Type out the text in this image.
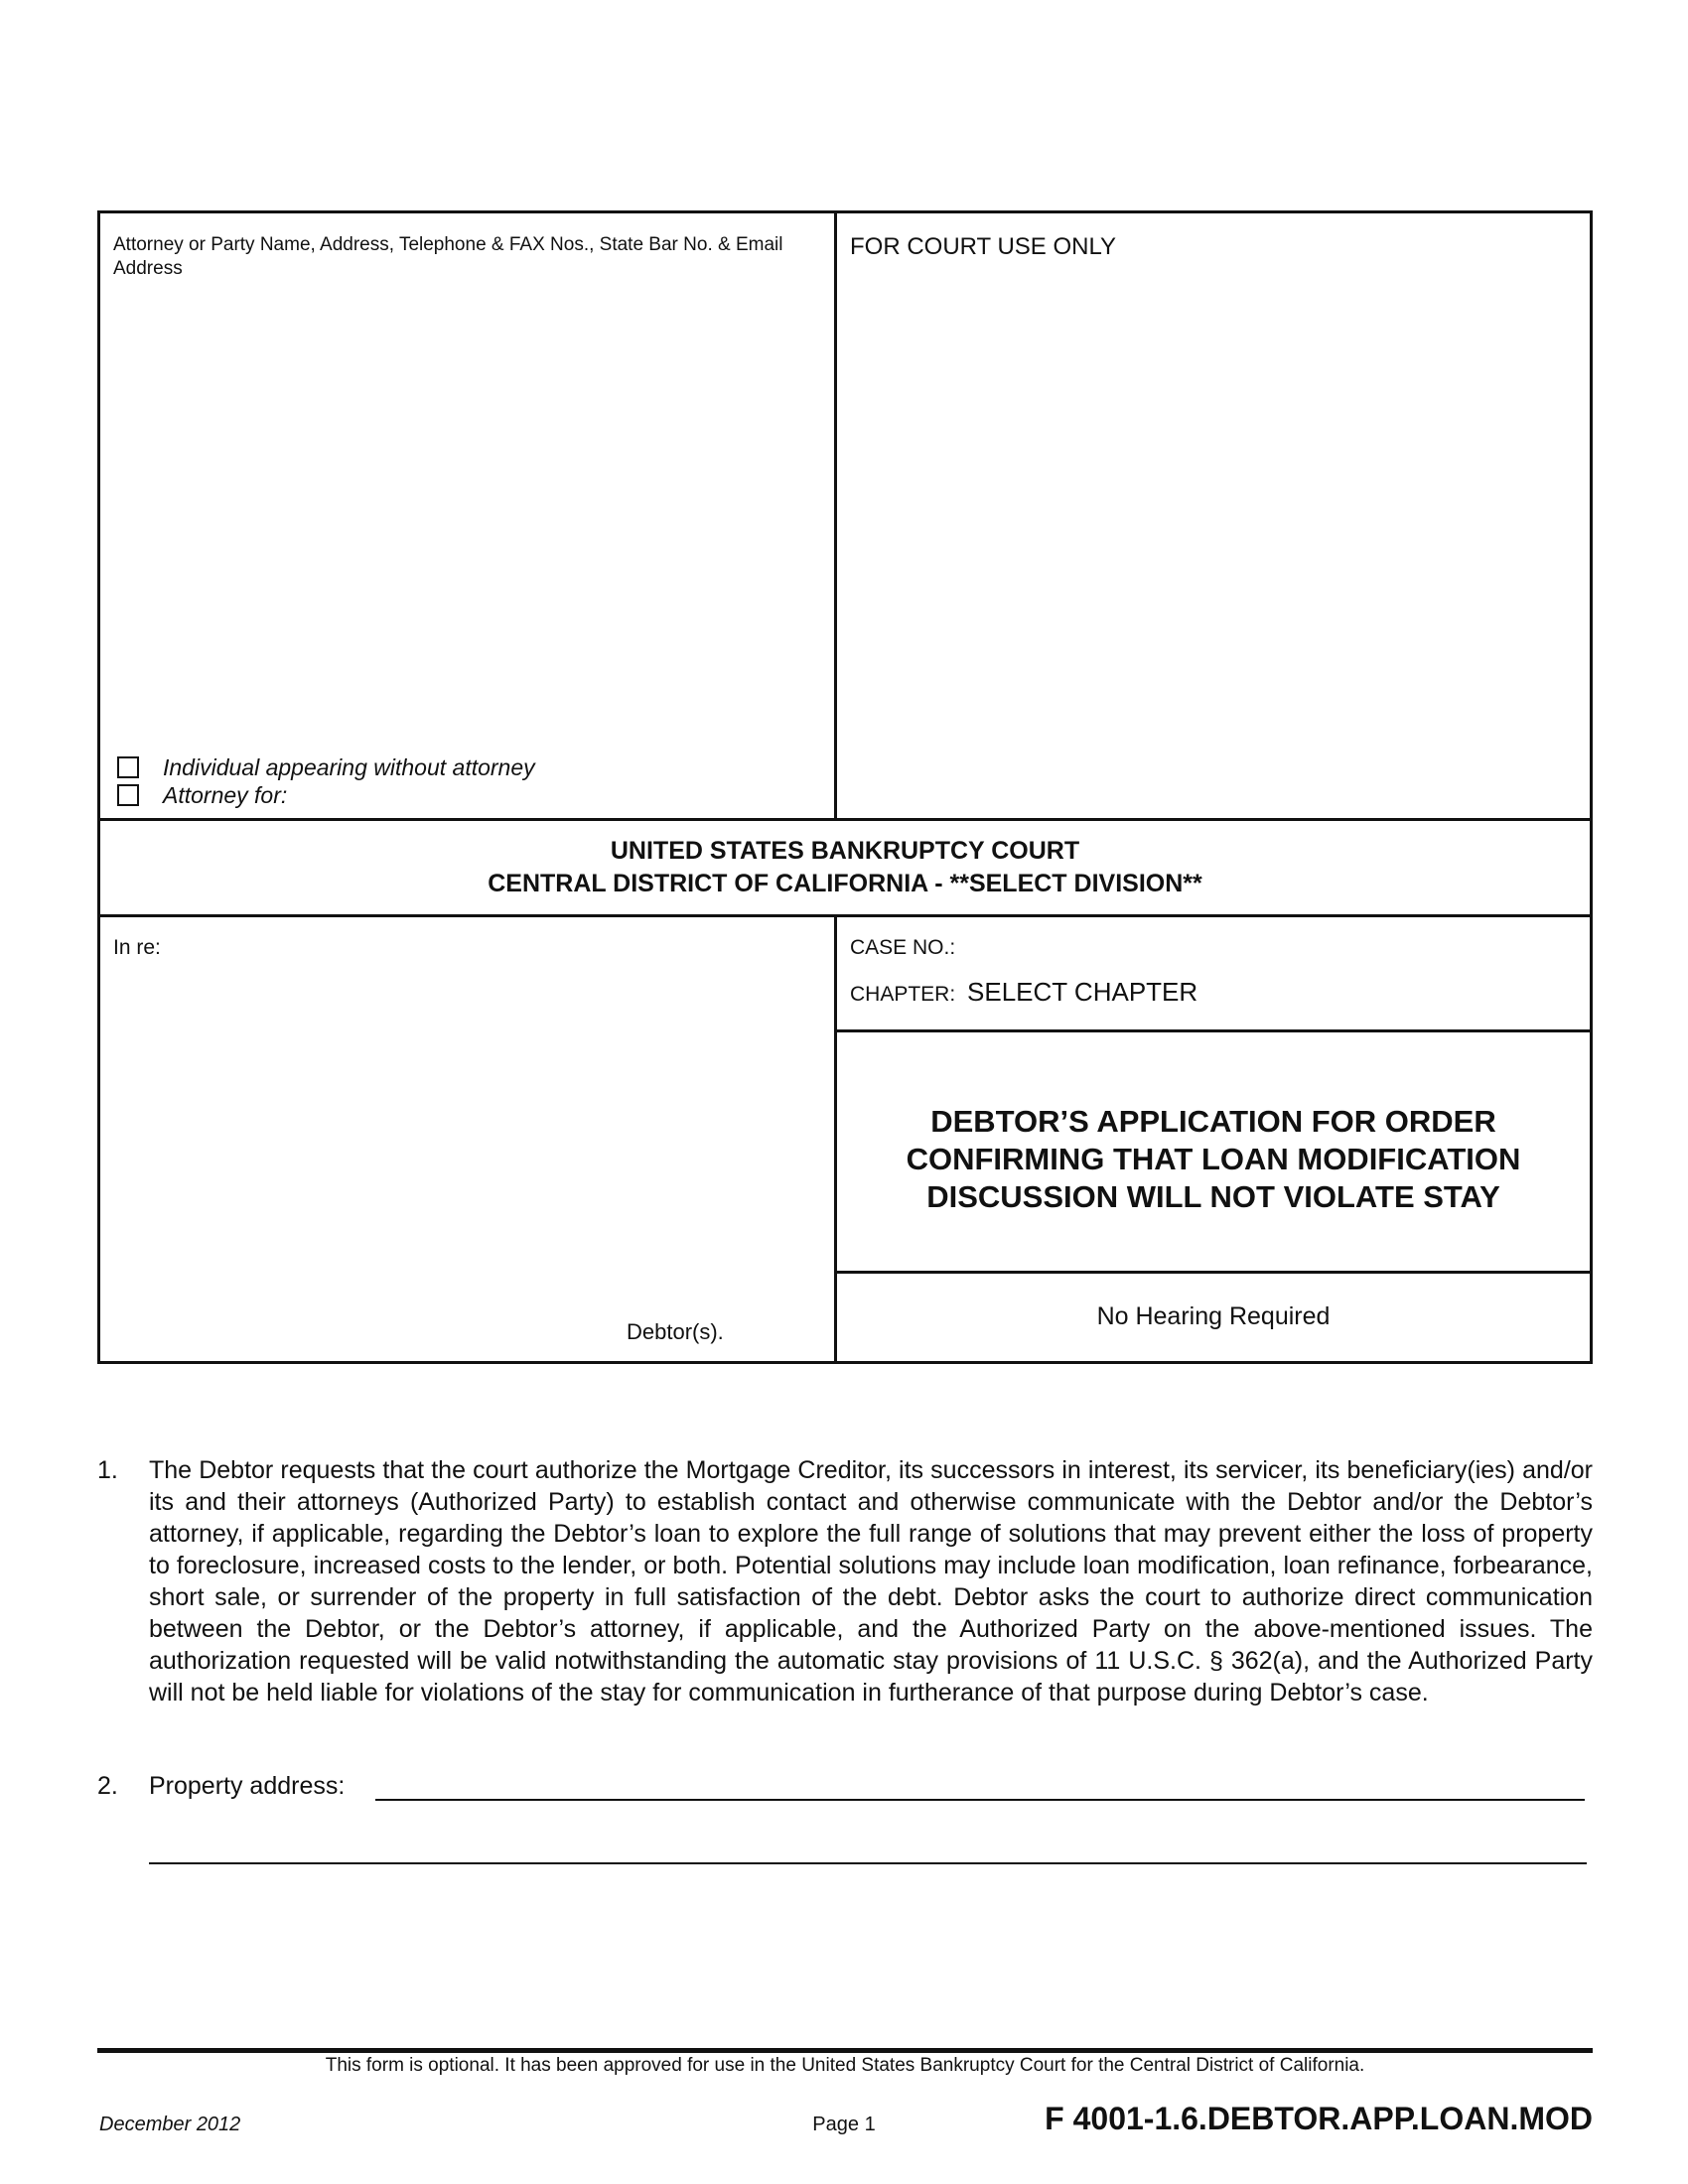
Attorney or Party Name, Address, Telephone & FAX Nos., State Bar No. & Email Address
Individual appearing without attorney
Attorney for:
FOR COURT USE ONLY
UNITED STATES BANKRUPTCY COURT
CENTRAL DISTRICT OF CALIFORNIA - **SELECT DIVISION**
In re:
Debtor(s).
CASE NO.:
CHAPTER: SELECT CHAPTER
DEBTOR’S APPLICATION FOR ORDER
CONFIRMING THAT LOAN MODIFICATION
DISCUSSION WILL NOT VIOLATE STAY
No Hearing Required
1. The Debtor requests that the court authorize the Mortgage Creditor, its successors in interest, its servicer, its beneficiary(ies) and/or its and their attorneys (Authorized Party) to establish contact and otherwise communicate with the Debtor and/or the Debtor’s attorney, if applicable, regarding the Debtor’s loan to explore the full range of solutions that may prevent either the loss of property to foreclosure, increased costs to the lender, or both. Potential solutions may include loan modification, loan refinance, forbearance, short sale, or surrender of the property in full satisfaction of the debt. Debtor asks the court to authorize direct communication between the Debtor, or the Debtor’s attorney, if applicable, and the Authorized Party on the above-mentioned issues. The authorization requested will be valid notwithstanding the automatic stay provisions of 11 U.S.C. § 362(a), and the Authorized Party will not be held liable for violations of the stay for communication in furtherance of that purpose during Debtor’s case.
2. Property address:
This form is optional. It has been approved for use in the United States Bankruptcy Court for the Central District of California.
December 2012	Page 1	F 4001-1.6.DEBTOR.APP.LOAN.MOD
